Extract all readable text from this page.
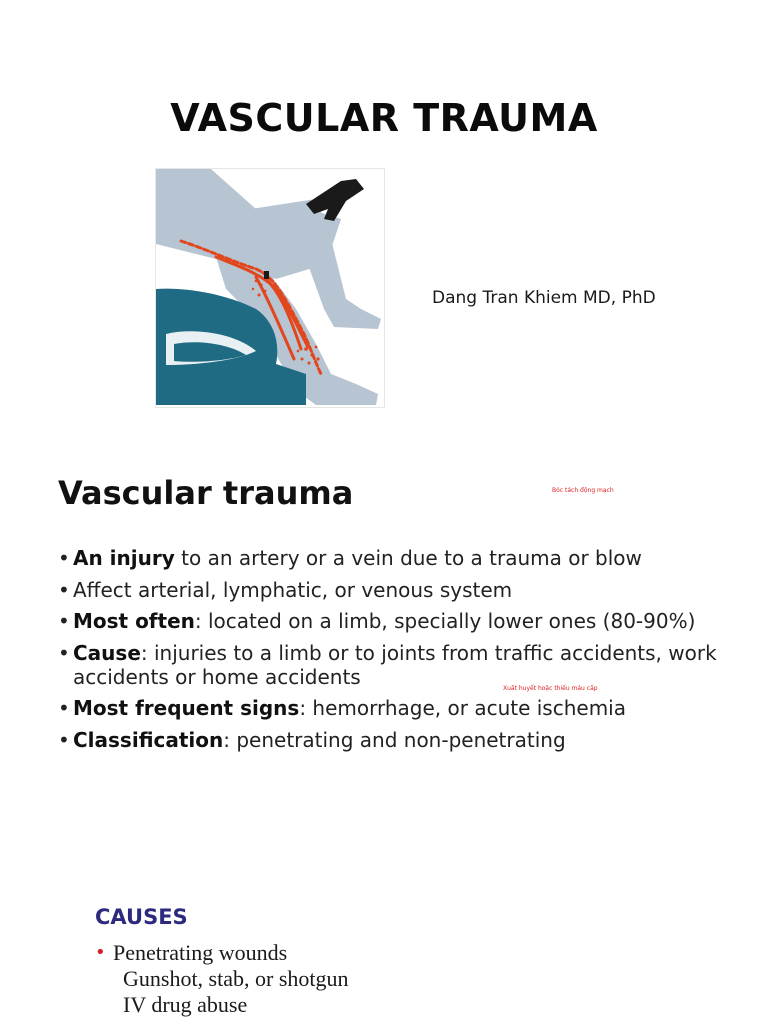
VASCULAR TRAUMA
Dang Tran Khiem MD, PhD
Vascular trauma	Bóc tách động mạch
• An injury to an artery or a vein due to a trauma or blow
• Affect arterial, lymphatic, or venous system
• Most often: located on a limb, specially lower ones (80-90%)
• Cause: injuries to a limb or to joints from traffic accidents, work accidents or home accidents
• Most frequent signs: hemorrhage, or acute ischemia
• Classification: penetrating and non-penetrating
Xuất huyết hoặc thiếu máu cấp
CAUSES
• Penetrating wounds
Gunshot, stab, or shotgun
IV drug abuse
